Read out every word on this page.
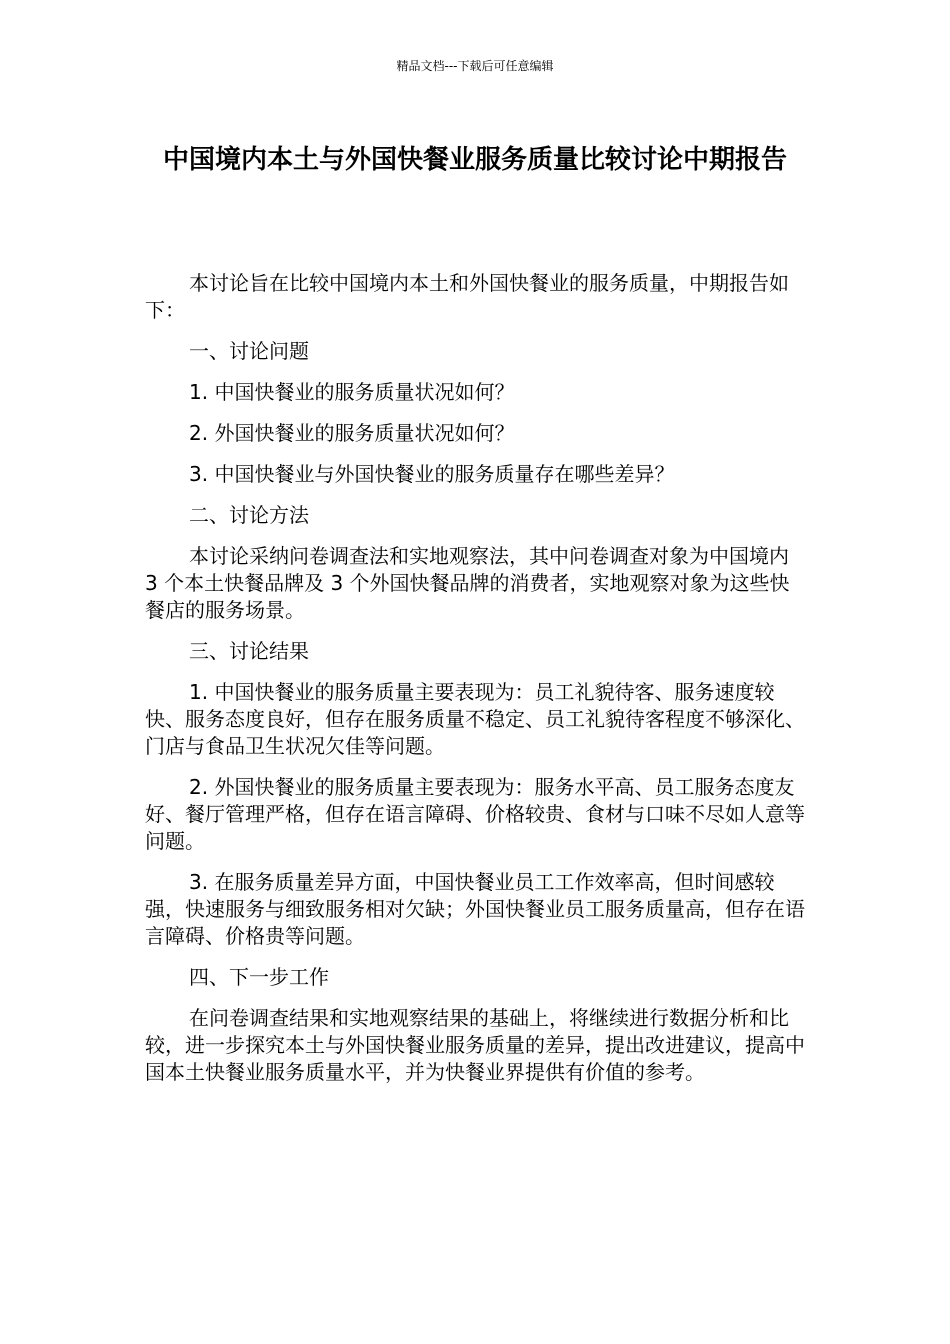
精品文档---下载后可任意编辑
中国境内本土与外国快餐业服务质量比较讨论中期报告

本讨论旨在比较中国境内本土和外国快餐业的服务质量，中期报告如下：

一、讨论问题

1. 中国快餐业的服务质量状况如何？

2. 外国快餐业的服务质量状况如何？

3. 中国快餐业与外国快餐业的服务质量存在哪些差异？

二、讨论方法

本讨论采纳问卷调查法和实地观察法，其中问卷调查对象为中国境内 3 个本土快餐品牌及 3 个外国快餐品牌的消费者，实地观察对象为这些快餐店的服务场景。

三、讨论结果

1. 中国快餐业的服务质量主要表现为：员工礼貌待客、服务速度较快、服务态度良好，但存在服务质量不稳定、员工礼貌待客程度不够深化、门店与食品卫生状况欠佳等问题。

2. 外国快餐业的服务质量主要表现为：服务水平高、员工服务态度友好、餐厅管理严格，但存在语言障碍、价格较贵、食材与口味不尽如人意等问题。

3. 在服务质量差异方面，中国快餐业员工工作效率高，但时间感较强，快速服务与细致服务相对欠缺；外国快餐业员工服务质量高，但存在语言障碍、价格贵等问题。

四、下一步工作

在问卷调查结果和实地观察结果的基础上，将继续进行数据分析和比较，进一步探究本土与外国快餐业服务质量的差异，提出改进建议，提高中国本土快餐业服务质量水平，并为快餐业界提供有价值的参考。
